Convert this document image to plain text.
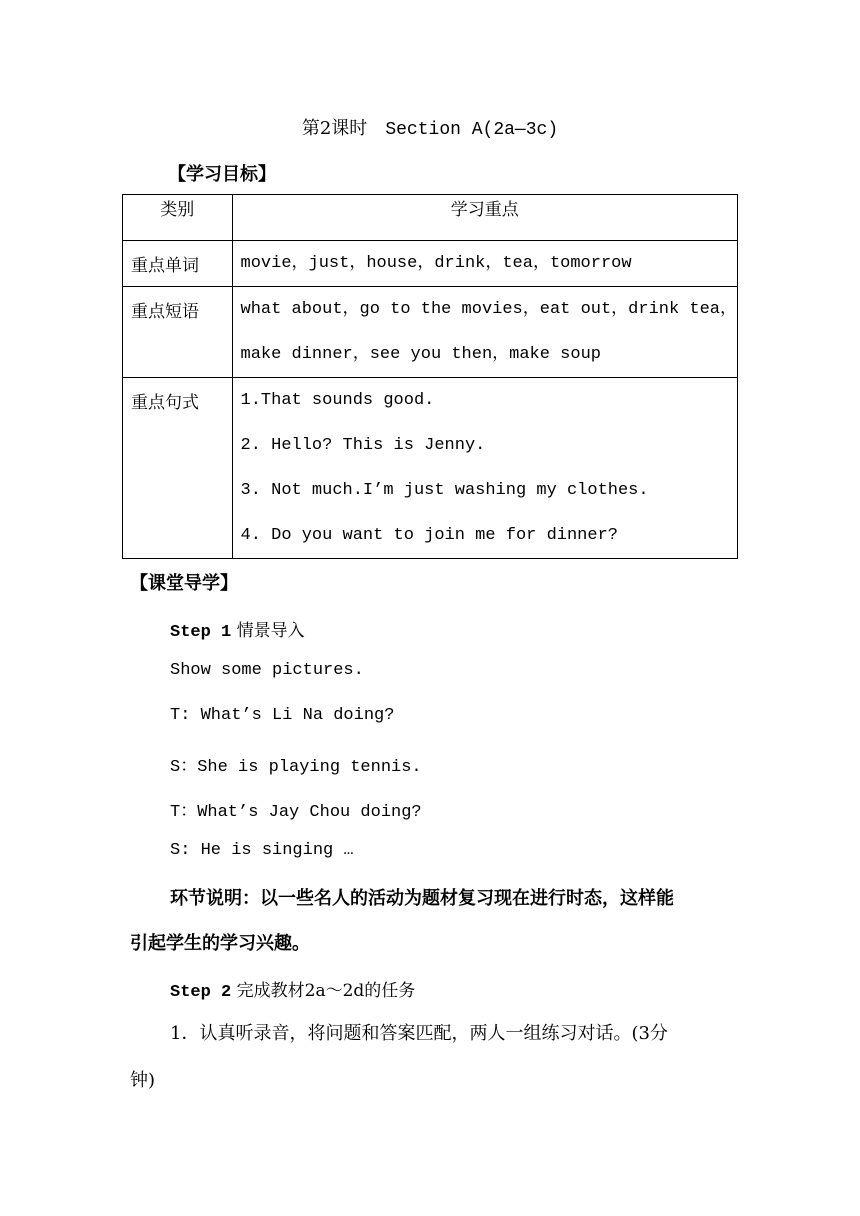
第2课时 Section A(2a—3c)
【学习目标】
类别	学习重点
重点单词	movie，just，house，drink，tea，tomorrow

重点短语	what about，go to the movies，eat out，drink tea，
make dinner，see you then，make soup

重点句式	1.That sounds good.
2. Hello? This is Jenny.
3. Not much.I’m just washing my clothes.
4. Do you want to join me for dinner?
【课堂导学】
Step 1 情景导入
Show some pictures.
T: What’s Li Na doing?
S：She is playing tennis.
T：What’s Jay Chou doing?
S: He is singing …
环节说明：以一些名人的活动为题材复习现在进行时态，这样能
引起学生的学习兴趣。
Step 2 完成教材2a～2d的任务
1．认真听录音，将问题和答案匹配，两人一组练习对话。(3分
钟)
